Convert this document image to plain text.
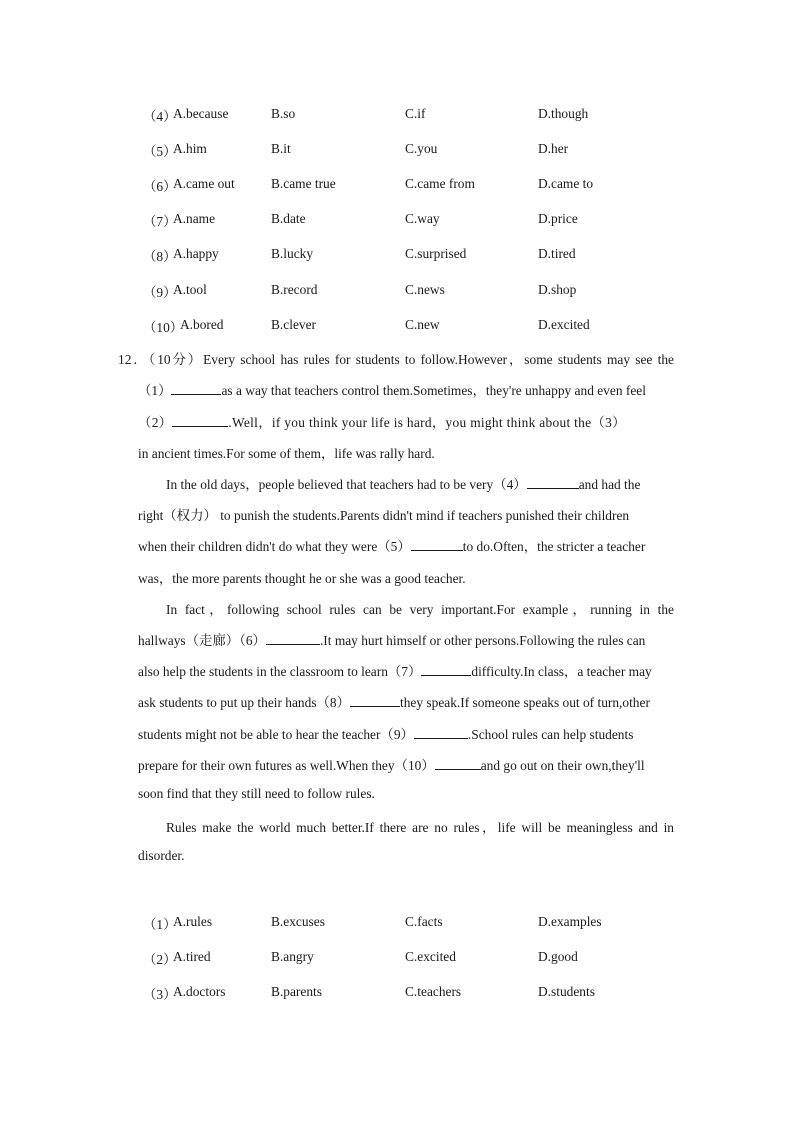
（4）
A.because	B.so	C.if	D.though
（5）
A.him	B.it	C.you	D.her
（6）
A.came out	B.came true	C.came from	D.came to
（7）
A.name	B.date	C.way	D.price
（8）
A.happy	B.lucky	C.surprised	D.tired
（9）
A.tool	B.record	C.news	D.shop
（10）
A.bored	B.clever	C.new	D.excited
12．（10分）Every school has rules for students to follow.However，some students may see the
（1）	as a way that teachers control them.Sometimes，they're unhappy and even feel
（2）	.Well，if you think your life is hard，you might think about the（3）
in ancient times.For some of them，life was rally hard.
In the old days，people believed that teachers had to be very（4）	and had the
right（权力） to punish the students.Parents didn't mind if teachers punished their children
when their children didn't do what they were（5）	to do.Often，the stricter a teacher
was，the more parents thought he or she was a good teacher.
In fact，following school rules can be very important.For example，running in the
hallways（走廊）（6）	.It may hurt himself or other persons.Following the rules can
also help the students in the classroom to learn（7）	difficulty.In class，a teacher may
ask students to put up their hands（8）	they speak.If someone speaks out of turn,other
students might not be able to hear the teacher（9）	.School rules can help students
prepare for their own futures as well.When they（10）	and go out on their own,they'll
soon find that they still need to follow rules.
Rules make the world much better.If there are no rules，life will be meaningless and in
disorder.
（1）
A.rules	B.excuses	C.facts	D.examples
（2）
A.tired	B.angry	C.excited	D.good
（3）
A.doctors	B.parents	C.teachers	D.students
